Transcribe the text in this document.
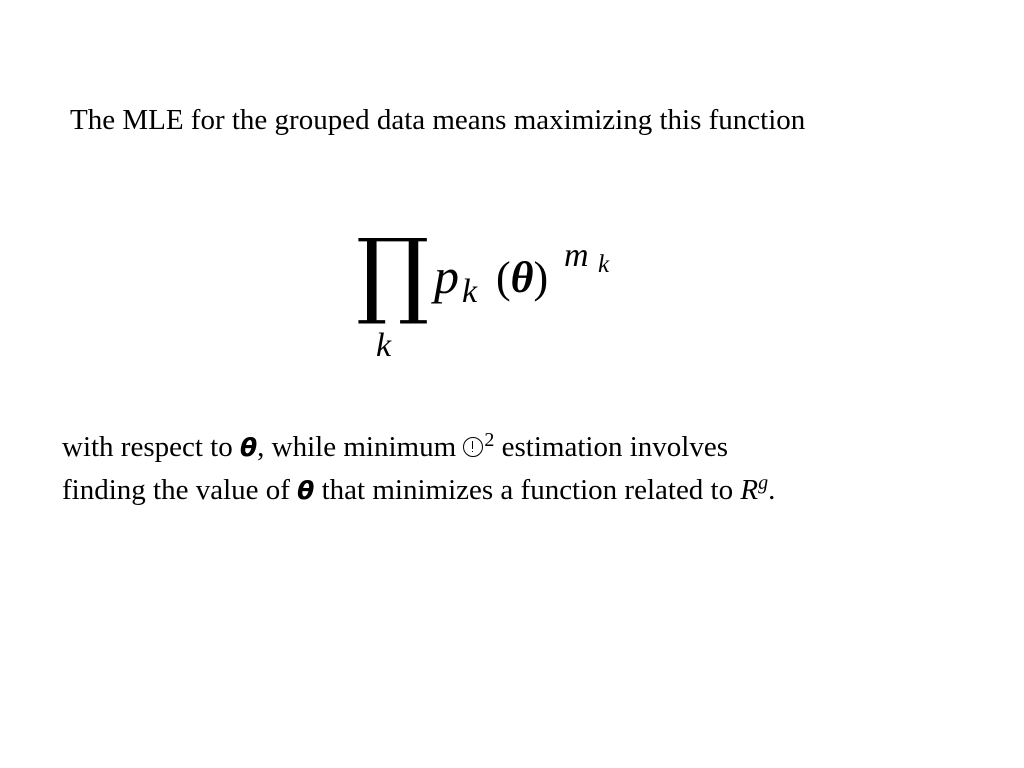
The MLE for the grouped data means maximizing this function
∏
k
p k (θ) m k
with respect to θ, while minimum $^2$ estimation involves
finding the value of θ that minimizes a function related to $R^g$.
